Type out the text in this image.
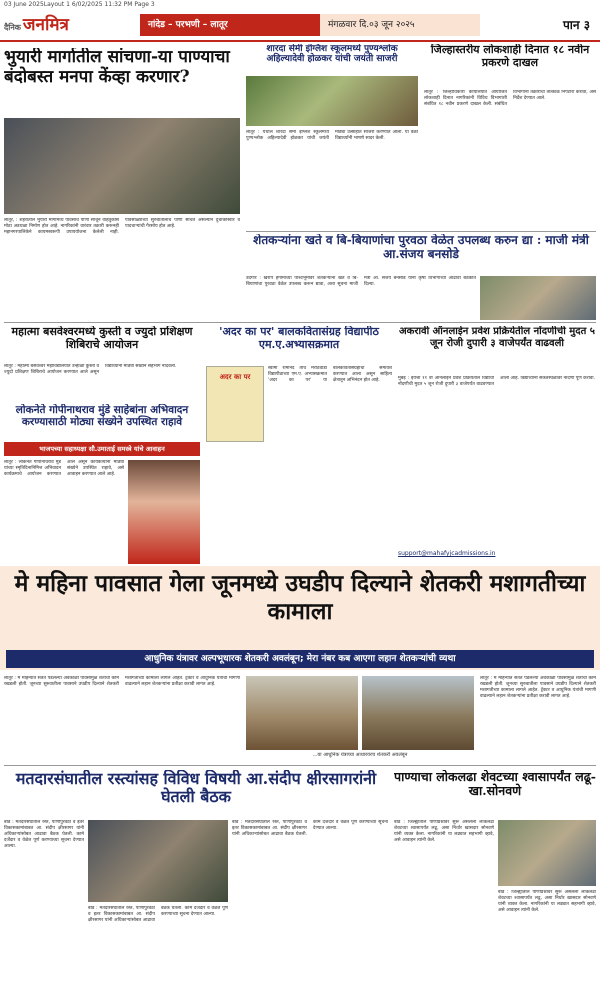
03 June 2025Layout 1 6/02/2025 11:32 PM Page 3
दैनिक जनमित्र	नांदेड – परभणी – लातूर	मंगळवार दि.०३ जून २०२५	पान ३
भुयारी मार्गातील सांचणा-या पाण्याचा बंदोबस्त मनपा केंव्हा करणार?
लातूर, : शहरातील भुयारी मार्गांमध्ये पावसाचे पाणी साचून वाहतुकीस मोठा अडथळा निर्माण होत आहे. नागरिकांनी वारंवार तक्रारी करूनही महानगरपालिकेने कायमस्वरूपी उपाययोजना केलेली नाही. पावसाळ्याच्या सुरुवातीलाच पाणी साचत असल्याने दुचाकीस्वार व पादचाऱ्यांची गैरसोय होत आहे.
शारदा सेमी इंग्लिश स्कूलमध्ये पुण्यश्लोक अहिल्यादेवी होळकर यांची जयंती साजरी
लातूर : येथील शारदा सेमी इंग्लिश स्कूलमध्ये पुण्यश्लोक अहिल्यादेवी होळकर यांची जयंती मोठ्या उत्साहात साजरी करण्यात आली. या वेळी विद्यार्थ्यांनी भाषणे सादर केली.
जिल्हास्तरीय लोकशाही दिनात १८ नवीन प्रकरणे दाखल
लातूर : जिल्हाधिकारी कार्यालयात आयोजित लोकशाही दिनात नागरिकांनी विविध विभागांशी संबंधित १८ नवीन प्रकरणे दाखल केली. संबंधित विभागांनी तक्रारींचा तात्काळ निपटारा करावा, असे निर्देश देण्यात आले.
शेतकऱ्यांना खते व बि-बियाणांचा पुरवठा वेळेत उपलब्ध करुन द्या : माजी मंत्री आ.संजय बनसोडे
उदगीर : खरीप हंगामाच्या पार्श्वभूमीवर शेतकऱ्यांना खते व बि-बियाणांचा पुरवठा वेळेत उपलब्ध करून द्यावा, अशा सूचना माजी मंत्री आ. संजय बनसोडे यांनी कृषी विभागाच्या आढावा बैठकीत दिल्या.
महात्मा बसवेश्वरमध्ये कुस्ती व ज्युदो प्रशिक्षण शिबिराचे आयोजन
लातूर : महात्मा बसवेश्वर महाविद्यालयात उन्हाळी कुस्ती व ज्युदो प्रशिक्षण शिबिराचे आयोजन करण्यात आले असून विद्यार्थ्यांनी मोठ्या संख्येने सहभाग नोंदवला.
लोकनेते गोपीनाथराव मुंडे साहेबांना अभिवादन करण्यासाठी मोठ्या संख्येने उपस्थित राहावे
भाजपच्या सहाध्यक्षा सौ.उमाताई समस्त्रे यांचे आवाहन
लातूर : लोकनेते गोपीनाथराव मुंडे यांच्या स्मृतिदिनानिमित्त अभिवादन कार्यक्रमाचे आयोजन करण्यात आले असून कार्यकर्त्यांनी मोठ्या संख्येने उपस्थित राहावे, असे आवाहन करण्यात आले आहे.
'अदर का पर' बालकवितासंग्रह विद्यापीठ एम.ए.अभ्यासक्रमात
अदर का पर
स्वामी रामानंद तीर्थ मराठवाडा विद्यापीठाच्या एम.ए. अभ्यासक्रमात 'अदर का पर' या बालकवितासंग्रहाचा समावेश करण्यात आला असून साहित्य क्षेत्रातून अभिनंदन होत आहे.
अकरावी ऑनलाईन प्रवेश प्रक्रियेतील नोंदणीची मुदत ५ जून रोजी दुपारी ३ वाजेपर्यंत वाढवली
मुंबई : इयत्ता ११ वी ऑनलाईन प्रवेश प्रक्रियेतील विद्यार्थी नोंदणीची मुदत ५ जून रोजी दुपारी ३ वाजेपर्यंत वाढवण्यात आली आहे. विद्यार्थ्यांनी संकेतस्थळावर नोंदणी पूर्ण करावी.
support@mahafyjcadmissions.in
मे महिना पावसात गेला जूनमध्ये उघडीप दिल्याने शेतकरी मशागतीच्या कामाला
आधुनिक यंत्रावर अल्पभूधारक शेतकरी अवलंबून; मेरा नंबर कब आएगा लहान शेतकऱ्यांची व्यथा
लातूर : मे महिन्यात सतत पडलेल्या अवकाळी पावसामुळे शेतीची कामे रखडली होती. जूनच्या सुरुवातीला पावसाने उघडीप दिल्याने शेतकरी मशागतीच्या कामाला लागले आहेत. ट्रॅक्टर व आधुनिक यंत्रांची मागणी वाढल्याने लहान शेतकऱ्यांना प्रतीक्षा करावी लागत आहे.
...या आधुनिक यंत्राच्या आधारवरच शेतकरी अवलंबून
लातूर : मे महिन्यात सतत पडलेल्या अवकाळी पावसामुळे शेतीची कामे रखडली होती. जूनच्या सुरुवातीला पावसाने उघडीप दिल्याने शेतकरी मशागतीच्या कामाला लागले आहेत. ट्रॅक्टर व आधुनिक यंत्रांची मागणी वाढल्याने लहान शेतकऱ्यांना प्रतीक्षा करावी लागत आहे.
मतदारसंघातील रस्त्यांसह विविध विषयी आ.संदीप क्षीरसागरांनी घेतली बैठक
बीड : मतदारसंघातील रस्ते, पाणीपुरवठा व इतर विकासकामांबाबत आ. संदीप क्षीरसागर यांनी अधिकाऱ्यांसोबत आढावा बैठक घेतली. कामे दर्जेदार व वेळेत पूर्ण करण्याच्या सूचना देण्यात आल्या.
बीड : मतदारसंघातील रस्ते, पाणीपुरवठा व इतर विकासकामांबाबत आ. संदीप क्षीरसागर यांनी अधिकाऱ्यांसोबत आढावा बैठक घेतली. कामे दर्जेदार व वेळेत पूर्ण करण्याच्या सूचना देण्यात आल्या.
बीड : मतदारसंघातील रस्ते, पाणीपुरवठा व इतर विकासकामांबाबत आ. संदीप क्षीरसागर यांनी अधिकाऱ्यांसोबत आढावा बैठक घेतली. कामे दर्जेदार व वेळेत पूर्ण करण्याच्या सूचना देण्यात आल्या.
पाण्याचा लोकलढा शेवटच्या श्वासापर्यंत लढू-खा.सोनवणे
बीड : जिल्ह्यातील पाणीप्रश्नावर सुरू असलेला लोकलढा शेवटच्या श्वासापर्यंत लढू, असा निर्धार खासदार सोनवणे यांनी व्यक्त केला. नागरिकांनी या लढ्यात सहभागी व्हावे, असे आवाहन त्यांनी केले.
बीड : जिल्ह्यातील पाणीप्रश्नावर सुरू असलेला लोकलढा शेवटच्या श्वासापर्यंत लढू, असा निर्धार खासदार सोनवणे यांनी व्यक्त केला. नागरिकांनी या लढ्यात सहभागी व्हावे, असे आवाहन त्यांनी केले.
